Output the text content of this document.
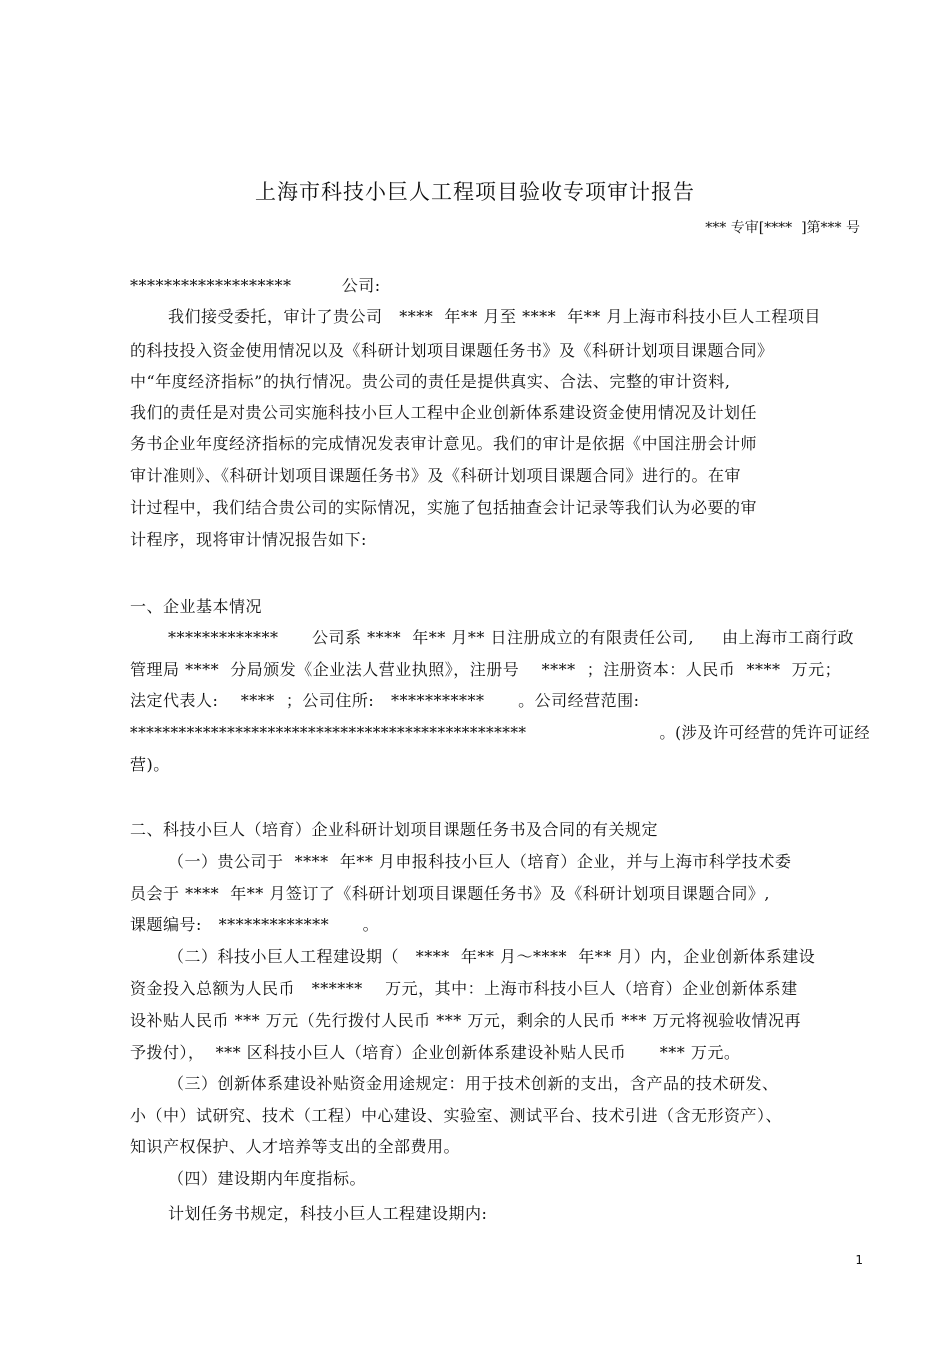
上海市科技小巨人工程项目验收专项审计报告
*** 专审[****  ]第*** 号
*******************         公司:
我们接受委托，审计了贵公司   ****  年** 月至 ****  年** 月上海市科技小巨人工程项目
的科技投入资金使用情况以及《科研计划项目课题任务书》及《科研计划项目课题合同》
中“年度经济指标”的执行情况。贵公司的责任是提供真实、合法、完整的审计资料,
我们的责任是对贵公司实施科技小巨人工程中企业创新体系建设资金使用情况及计划任
务书企业年度经济指标的完成情况发表审计意见。我们的审计是依据《中国注册会计师
审计准则》、《科研计划项目课题任务书》及《科研计划项目课题合同》进行的。在审
计过程中，我们结合贵公司的实际情况，实施了包括抽查会计记录等我们认为必要的审
计程序，现将审计情况报告如下:
一、企业基本情况
*************      公司系 ****  年** 月** 日注册成立的有限责任公司,     由上海市工商行政
管理局 ****  分局颁发《企业法人营业执照》，注册号    ****  ；注册资本：人民币  ****  万元；
法定代表人:    ****  ；公司住所:   ***********      。公司经营范围:
*************************************************                         。(涉及许可经营的凭许可证经
营)。
二、科技小巨人（培育）企业科研计划项目课题任务书及合同的有关规定
（一）贵公司于  ****  年** 月申报科技小巨人（培育）企业，并与上海市科学技术委
员会于 ****  年** 月签订了《科研计划项目课题任务书》及《科研计划项目课题合同》,
课题编号:   *************      。
（二）科技小巨人工程建设期（   ****  年** 月～****  年** 月）内，企业创新体系建设
资金投入总额为人民币   ******    万元，其中：上海市科技小巨人（培育）企业创新体系建
设补贴人民币 *** 万元（先行拨付人民币 *** 万元，剩余的人民币 *** 万元将视验收情况再
予拨付），  *** 区科技小巨人（培育）企业创新体系建设补贴人民币      *** 万元。
（三）创新体系建设补贴资金用途规定：用于技术创新的支出，含产品的技术研发、
小（中）试研究、技术（工程）中心建设、实验室、测试平台、技术引进（含无形资产）、
知识产权保护、人才培养等支出的全部费用。
（四）建设期内年度指标。
计划任务书规定，科技小巨人工程建设期内:
1
